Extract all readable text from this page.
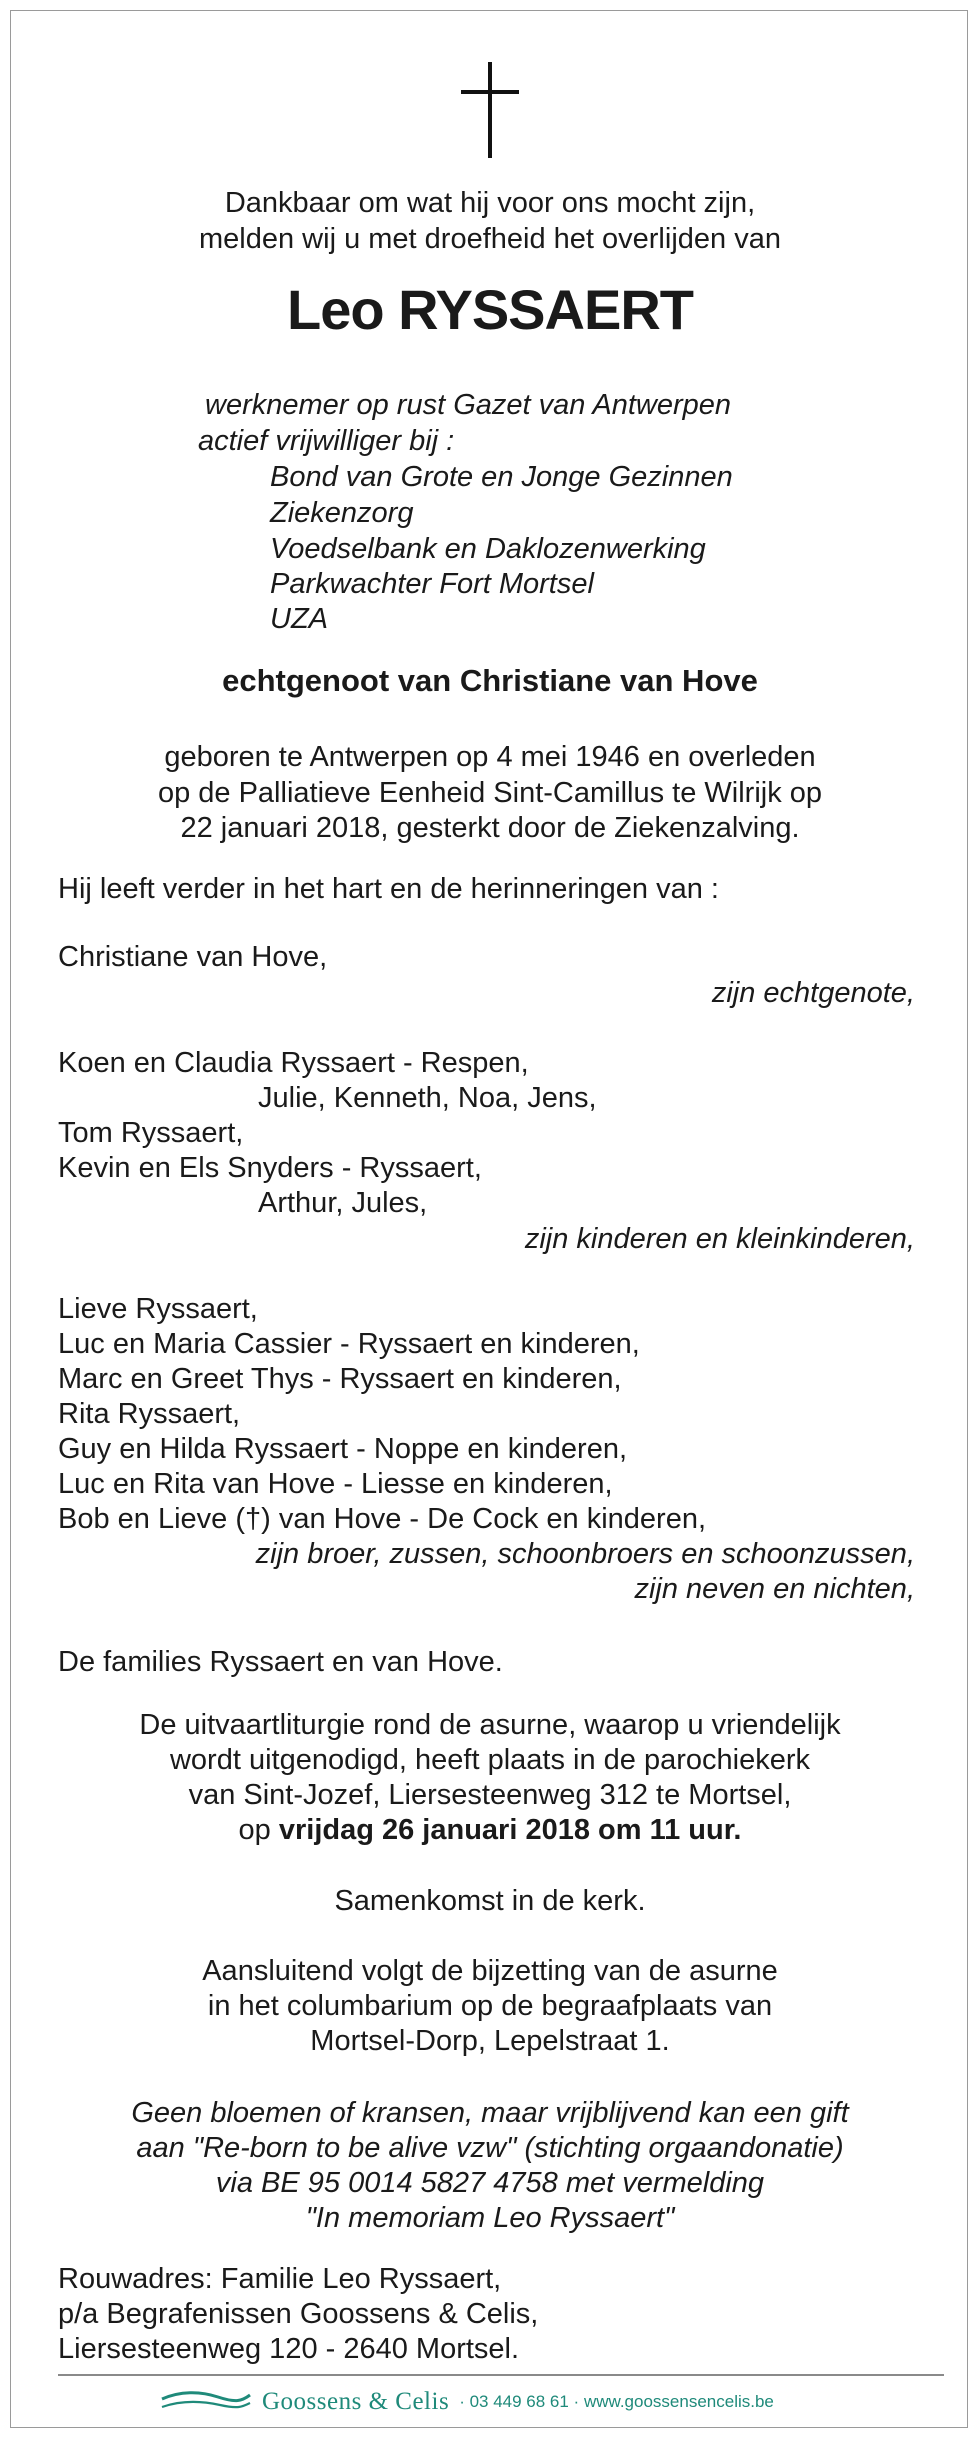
Dankbaar om wat hij voor ons mocht zijn,
melden wij u met droefheid het overlijden van
Leo RYSSAERT
werknemer op rust Gazet van Antwerpen
actief vrijwilliger bij :
Bond van Grote en Jonge Gezinnen
Ziekenzorg
Voedselbank en Daklozenwerking
Parkwachter Fort Mortsel
UZA
echtgenoot van Christiane van Hove
geboren te Antwerpen op 4 mei 1946 en overleden
op de Palliatieve Eenheid Sint-Camillus te Wilrijk op
22 januari 2018, gesterkt door de Ziekenzalving.
Hij leeft verder in het hart en de herinneringen van :
Christiane van Hove,
zijn echtgenote,
Koen en Claudia Ryssaert - Respen,
Julie, Kenneth, Noa, Jens,
Tom Ryssaert,
Kevin en Els Snyders - Ryssaert,
Arthur, Jules,
zijn kinderen en kleinkinderen,
Lieve Ryssaert,
Luc en Maria Cassier - Ryssaert en kinderen,
Marc en Greet Thys - Ryssaert en kinderen,
Rita Ryssaert,
Guy en Hilda Ryssaert - Noppe en kinderen,
Luc en Rita van Hove - Liesse en kinderen,
Bob en Lieve (†) van Hove - De Cock en kinderen,
zijn broer, zussen, schoonbroers en schoonzussen,
zijn neven en nichten,
De families Ryssaert en van Hove.
De uitvaartliturgie rond de asurne, waarop u vriendelijk
wordt uitgenodigd, heeft plaats in de parochiekerk
van Sint-Jozef, Liersesteenweg 312 te Mortsel,
op vrijdag 26 januari 2018 om 11 uur.
Samenkomst in de kerk.
Aansluitend volgt de bijzetting van de asurne
in het columbarium op de begraafplaats van
Mortsel-Dorp, Lepelstraat 1.
Geen bloemen of kransen, maar vrijblijvend kan een gift
aan "Re-born to be alive vzw" (stichting orgaandonatie)
via BE 95 0014 5827 4758 met vermelding
"In memoriam Leo Ryssaert"
Rouwadres: Familie Leo Ryssaert,
p/a Begrafenissen Goossens & Celis,
Liersesteenweg 120 - 2640 Mortsel.
Goossens & Celis · 03 449 68 61 · www.goossensencelis.be
